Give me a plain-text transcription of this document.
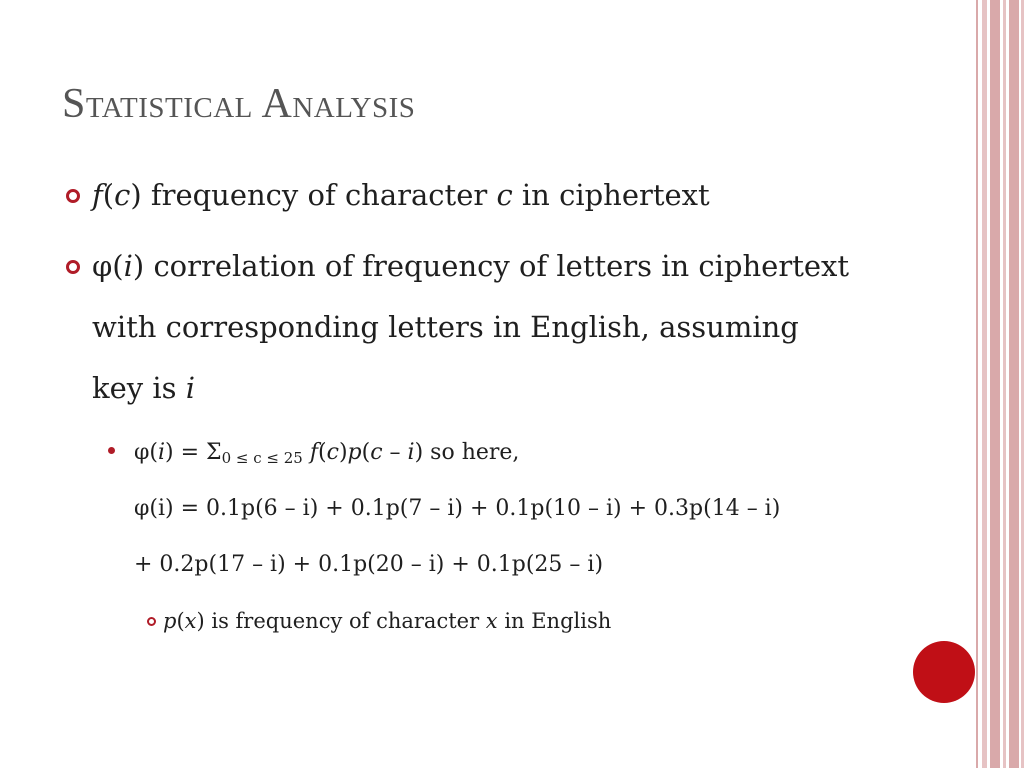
Statistical Analysis
f(c) frequency of character c in ciphertext
φ(i) correlation of frequency of letters in ciphertext
with corresponding letters in English, assuming
key is i
$\varphi(i) = \Sigma_{0 \le c \le 25}$ f(c)p(c – i) so here,
φ(i) = 0.1p(6 – i) + 0.1p(7 – i) + 0.1p(10 – i) + 0.3p(14 – i)
+ 0.2p(17 – i) + 0.1p(20 – i) + 0.1p(25 – i)
p(x) is frequency of character x in English
